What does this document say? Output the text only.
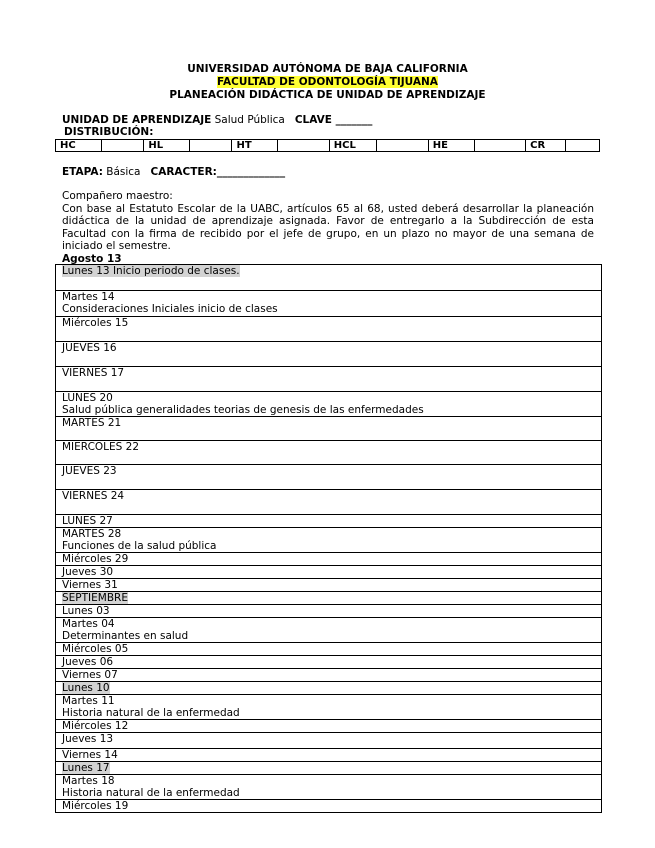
UNIVERSIDAD AUTÓNOMA DE BAJA CALIFORNIA
FACULTAD DE ODONTOLOGÍA TIJUANA
PLANEACIÓN DIDÁCTICA DE UNIDAD DE APRENDIZAJE
UNIDAD DE APRENDIZAJE Salud Pública CLAVE _______
DISTRIBUCIÓN:
HC		HL		HT		HCL		HE		CR	
ETAPA: Básica CARACTER:_____________
Compañero maestro:
Con base al Estatuto Escolar de la UABC, artículos 65 al 68, usted deberá desarrollar la planeación didáctica de la unidad de aprendizaje asignada. Favor de entregarlo a la Subdirección de esta Facultad con la firma de recibido por el jefe de grupo, en un plazo no mayor de una semana de iniciado el semestre.
Agosto 13
Lunes 13 Inicio periodo de clases.
Martes 14
Consideraciones Iniciales inicio de clases
Miércoles 15
JUEVES 16
VIERNES 17
LUNES 20
Salud pública generalidades teorias de genesis de las enfermedades
MARTES 21
MIERCOLES 22
JUEVES 23
VIERNES 24
LUNES 27
MARTES 28
Funciones de la salud pública
Miércoles 29
Jueves 30
Viernes 31
SEPTIEMBRE
Lunes 03
Martes 04
Determinantes en salud
Miércoles 05
Jueves 06
Viernes 07
Lunes 10
Martes 11
Historia natural de la enfermedad
Miércoles 12
Jueves 13
Viernes 14
Lunes 17
Martes 18
Historia natural de la enfermedad
Miércoles 19
